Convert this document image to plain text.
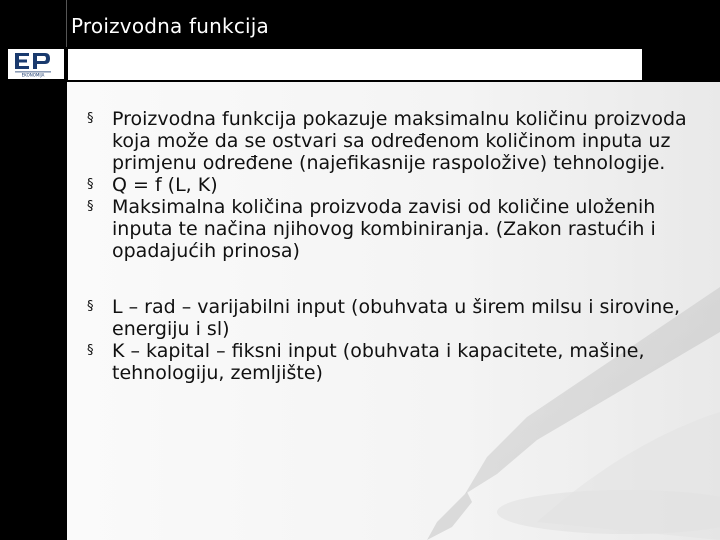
Proizvodna funkcija
EKONOMIJA
§ Proizvodna funkcija pokazuje maksimalnu količinu proizvoda koja može da se ostvari sa određenom količinom inputa uz primjenu određene (najefikasnije raspoložive) tehnologije.
§ Q = f (L, K)
§ Maksimalna količina proizvoda zavisi od količine uloženih inputa te načina njihovog kombiniranja. (Zakon rastućih i opadajućih prinosa)
§ L – rad – varijabilni input (obuhvata u širem milsu i sirovine, energiju i sl)
§ K – kapital – fiksni input (obuhvata i kapacitete, mašine, tehnologiju, zemljište)
